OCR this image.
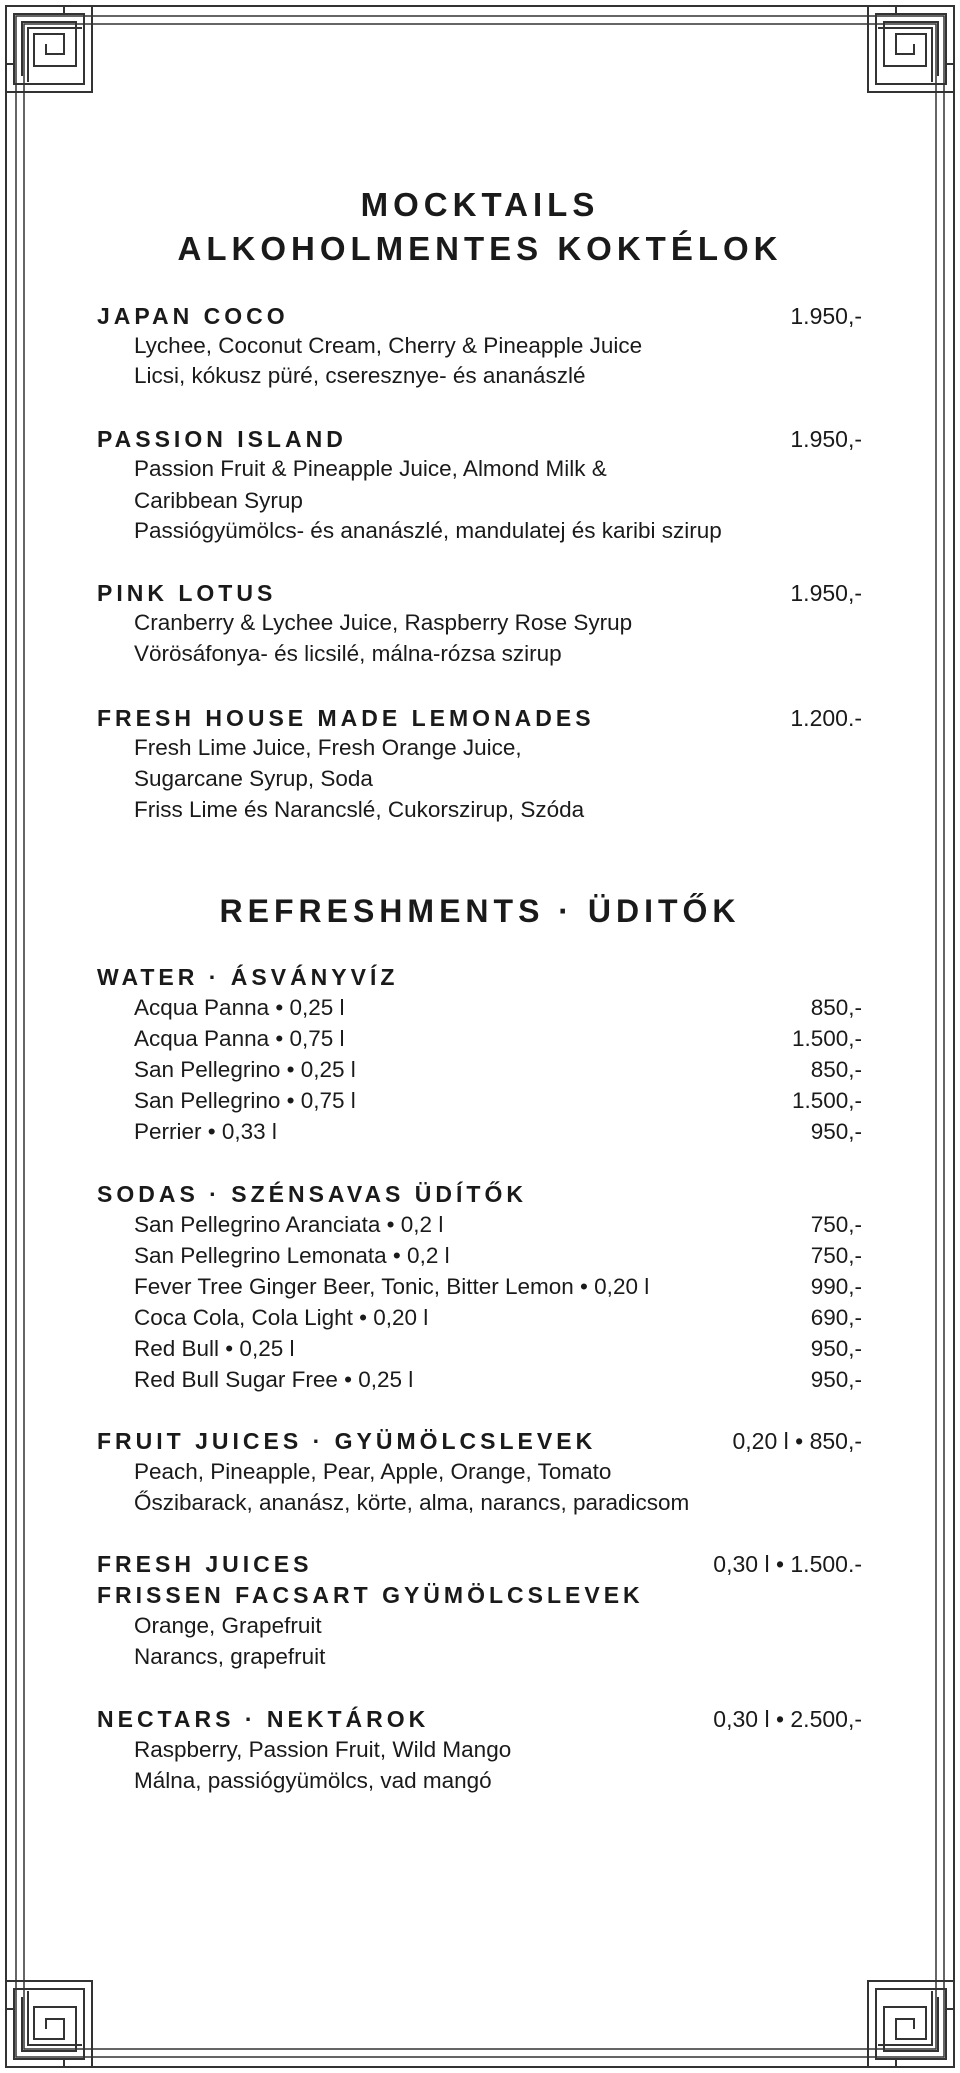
MOCKTAILS
ALKOHOLMENTES KOKTÉLOK
JAPAN COCO	1.950,-
Lychee, Coconut Cream, Cherry & Pineapple Juice
Licsi, kókusz püré, cseresznye- és ananászlé
PASSION ISLAND	1.950,-
Passion Fruit & Pineapple Juice, Almond Milk &
Caribbean Syrup
Passiógyümölcs- és ananászlé, mandulatej és karibi szirup
PINK LOTUS	1.950,-
Cranberry & Lychee Juice, Raspberry Rose Syrup
Vörösáfonya- és licsilé, málna-rózsa szirup
FRESH HOUSE MADE LEMONADES	1.200.-
Fresh Lime Juice, Fresh Orange Juice,
Sugarcane Syrup, Soda
Friss Lime és Narancslé, Cukorszirup, Szóda
REFRESHMENTS · ÜDITŐK
WATER · ÁSVÁNYVÍZ
Acqua Panna • 0,25 l	850,-
Acqua Panna • 0,75 l	1.500,-
San Pellegrino • 0,25 l	850,-
San Pellegrino • 0,75 l	1.500,-
Perrier • 0,33 l	950,-
SODAS · SZÉNSAVAS ÜDÍTŐK
San Pellegrino Aranciata • 0,2 l	750,-
San Pellegrino Lemonata • 0,2 l	750,-
Fever Tree Ginger Beer, Tonic, Bitter Lemon • 0,20 l	990,-
Coca Cola, Cola Light • 0,20 l	690,-
Red Bull • 0,25 l	950,-
Red Bull Sugar Free • 0,25 l	950,-
FRUIT JUICES · GYÜMÖLCSLEVEK	0,20 l • 850,-
Peach, Pineapple, Pear, Apple, Orange, Tomato
Őszibarack, ananász, körte, alma, narancs, paradicsom
FRESH JUICES	0,30 l • 1.500.-
FRISSEN FACSART GYÜMÖLCSLEVEK
Orange, Grapefruit
Narancs, grapefruit
NECTARS · NEKTÁROK	0,30 l • 2.500,-
Raspberry, Passion Fruit, Wild Mango
Málna, passiógyümölcs, vad mangó
